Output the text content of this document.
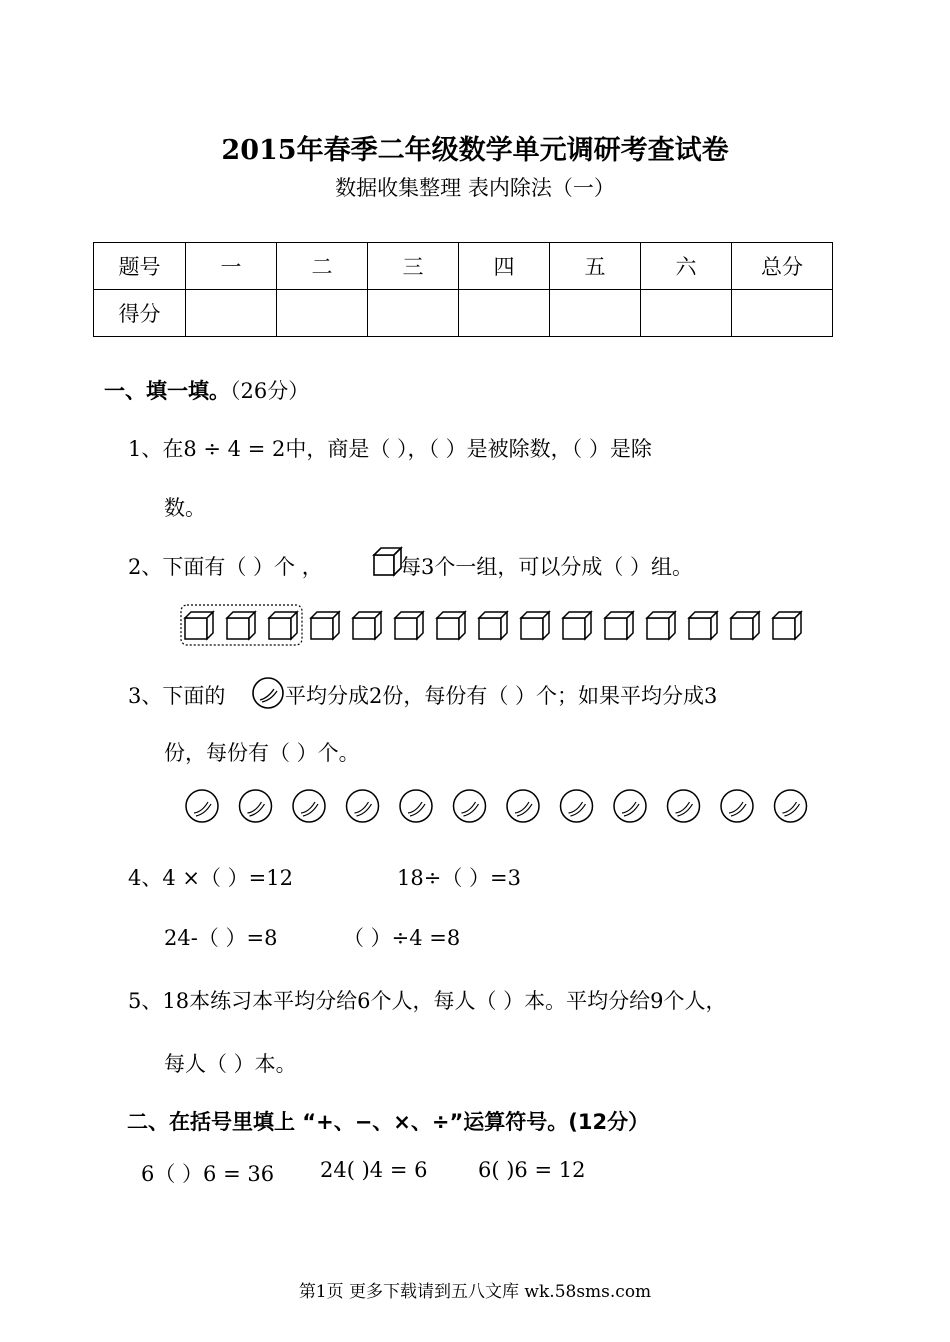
2015年春季二年级数学单元调研考查试卷
数据收集整理 表内除法（一）
题号	一	二	三	四	五	六	总分
得分							
一、填一填。（26分）
1、在8 ÷ 4 = 2中，商是（ ），（ ）是被除数，（ ）是除
数。
2、下面有（ ）个 ，	每3个一组，可以分成（ ）组。
3、下面的	平均分成2份，每份有（ ）个；如果平均分成3
份，每份有（ ）个。
4、4 ×（ ）=12	18÷（ ）=3
24-（ ）=8	（ ）÷4 =8
5、18本练习本平均分给6个人，每人（ ）本。平均分给9个人，
每人（ ）本。
二、在括号里填上 “+、−、×、÷”运算符号。(12分）
6（ ）6 = 36 24( )4 = 6 6( )6 = 12
第1页 更多下载请到五八文库 wk.58sms.com
